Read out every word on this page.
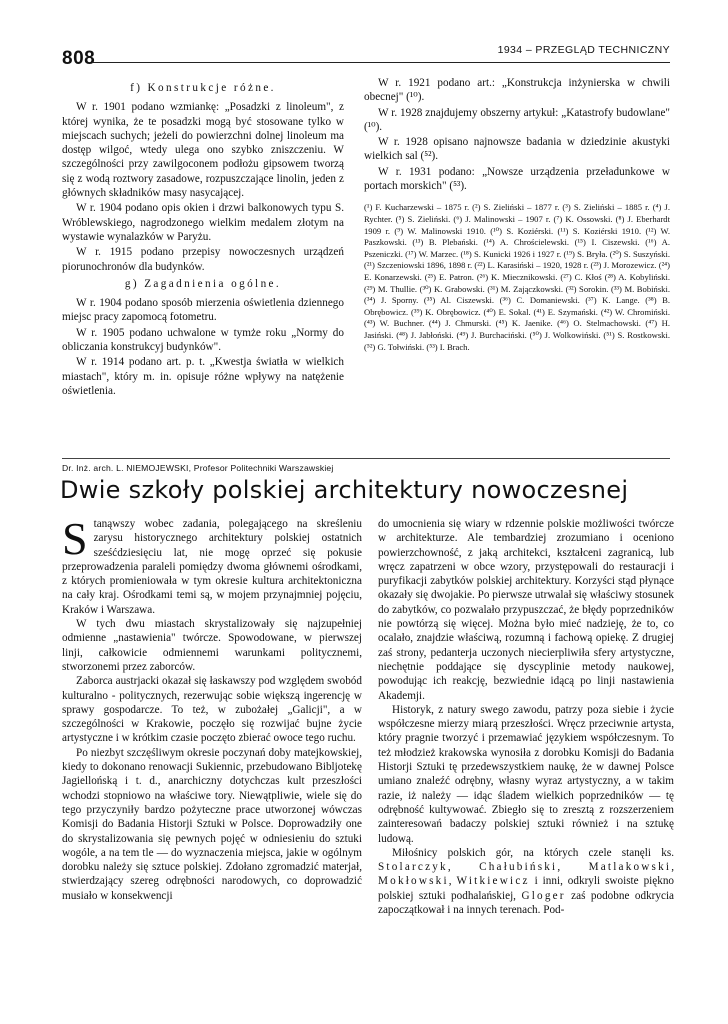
808	1934 – PRZEGLĄD TECHNICZNY

f) Konstrukcje różne.

W r. 1901 podano wzmiankę: „Posadzki z linoleum", z której wynika, że te posadzki mogą być stosowane tylko w miejscach suchych; jeżeli do powierzchni dolnej linoleum ma dostęp wilgoć, wtedy ulega ono szybko zniszczeniu. W szczególności przy zawilgoconem podłożu gipsowem tworzą się z wodą roztwory zasadowe, rozpuszczające linolin, jeden z głównych składników masy nasycającej.

W r. 1904 podano opis okien i drzwi balkonowych typu S. Wróblewskiego, nagrodzonego wielkim medalem złotym na wystawie wynalazków w Paryżu.

W r. 1915 podano przepisy nowoczesnych urządzeń piorunochronów dla budynków.

g) Zagadnienia ogólne.

W r. 1904 podano sposób mierzenia oświetlenia dziennego miejsc pracy zapomocą fotometru.

W r. 1905 podano uchwalone w tymże roku „Normy do obliczania konstrukcyj budynków".

W r. 1914 podano art. p. t. „Kwestja światła w wielkich miastach", który m. in. opisuje różne wpływy na natężenie oświetlenia.

W r. 1921 podano art.: „Konstrukcja inżynierska w chwili obecnej" (¹⁰).

W r. 1928 znajdujemy obszerny artykuł: „Katastrofy budowlane" (¹⁰).

W r. 1928 opisano najnowsze badania w dziedzinie akustyki wielkich sal (⁵²).

W r. 1931 podano: „Nowsze urządzenia przeładunkowe w portach morskich" (⁵³).

(¹) F. Kucharzewski – 1875 r. (²) S. Zieliński – 1877 r. (³) S. Zieliński – 1885 r. (⁴) J. Rychter. (⁵) S. Zieliński. (⁶) J. Malinowski – 1907 r. (⁷) K. Ossowski. (⁸) J. Eberhardt 1909 r. (⁹) W. Malinowski 1910. (¹⁰) S. Koziérski. (¹¹) S. Koziérski 1910. (¹²) W. Paszkowski. (¹³) B. Plebański. (¹⁴) A. Chrościelewski. (¹⁵) I. Ciszewski. (¹⁶) A. Pszeniczki. (¹⁷) W. Marzec. (¹⁸) S. Kunicki 1926 i 1927 r. (¹⁹) S. Bryła. (²⁰) S. Suszyński. (²¹) Szczeniowski 1896, 1898 r. (²²) L. Karasiński – 1920, 1928 r. (²³) J. Morozewicz. (²⁴) E. Konarzewski. (²⁵) E. Patron. (²⁶) K. Miecznikowski. (²⁷) C. Kłoś (²⁸) A. Kobyliński. (²⁹) M. Thullie. (³⁰) K. Grabowski. (³¹) M. Zajączkowski. (³²) Sorokin. (³³) M. Bobiński. (³⁴) J. Sporny. (³⁵) Al. Ciszewski. (³⁶) C. Domaniewski. (³⁷) K. Lange. (³⁸) B. Obrębowicz. (³⁹) K. Obrębowicz. (⁴⁰) E. Sokal. (⁴¹) E. Szymański. (⁴²) W. Chromiński. (⁴³) W. Buchner. (⁴⁴) J. Chmurski. (⁴⁵) K. Jaenike. (⁴⁶) O. Stelmachowski. (⁴⁷) H. Jasiński. (⁴⁸) J. Jabłoński. (⁴⁹) J. Burchaciński. (⁵⁰) J. Wolkowiński. (⁵¹) S. Rostkowski. (⁵²) G. Tołwiński. (⁵³) I. Brach.

Dr. Inż. arch. L. NIEMOJEWSKI, Profesor Politechniki Warszawskiej
Dwie szkoły polskiej architektury nowoczesnej

Stanąwszy wobec zadania, polegającego na skreśleniu zarysu historycznego architektury polskiej ostatnich sześćdziesięciu lat, nie mogę oprzeć się pokusie przeprowadzenia paraleli pomiędzy dwoma głównemi ośrodkami, z których promieniowała w tym okresie kultura architektoniczna na cały kraj. Ośrodkami temi są, w mojem przynajmniej pojęciu, Kraków i Warszawa.

W tych dwu miastach skrystalizowały się najzupełniej odmienne „nastawienia" twórcze. Spowodowane, w pierwszej linji, całkowicie odmiennemi warunkami politycznemi, stworzonemi przez zaborców.

Zaborca austrjacki okazał się łaskawszy pod względem swobód kulturalno - politycznych, rezerwując sobie większą ingerencję w sprawy gospodarcze. To też, w zubożałej „Galicji", a w szczególności w Krakowie, poczęło się rozwijać bujne życie artystyczne i w krótkim czasie poczęto zbierać owoce tego ruchu.

Po niezbyt szczęśliwym okresie poczynań doby matejkowskiej, kiedy to dokonano renowacji Sukiennic, przebudowano Bibljotekę Jagiellońską i t. d., anarchiczny dotychczas kult przeszłości wchodzi stopniowo na właściwe tory. Niewątpliwie, wiele się do tego przyczyniły bardzo pożyteczne prace utworzonej wówczas Komisji do Badania Historji Sztuki w Polsce. Doprowadziły one do skrystalizowania się pewnych pojęć w odniesieniu do sztuki wogóle, a na tem tle — do wyznaczenia miejsca, jakie w ogólnym dorobku należy się sztuce polskiej. Zdołano zgromadzić materjał, stwierdzający szereg odrębności narodowych, co doprowadzić musiało w konsekwencji

do umocnienia się wiary w rdzennie polskie możliwości twórcze w architekturze. Ale tembardziej zrozumiano i oceniono powierzchowność, z jaką architekci, kształceni zagranicą, lub wręcz zapatrzeni w obce wzory, przystępowali do restauracji i puryfikacji zabytków polskiej architektury. Korzyści stąd płynące okazały się dwojakie. Po pierwsze utrwalał się właściwy stosunek do zabytków, co pozwalało przypuszczać, że błędy poprzedników nie powtórzą się więcej. Można było mieć nadzieję, że to, co ocalało, znajdzie właściwą, rozumną i fachową opiekę. Z drugiej zaś strony, pedanterja uczonych niecierpliwiła sfery artystyczne, niechętnie poddające się dyscyplinie metody naukowej, powodując ich reakcję, bezwiednie idącą po linji nastawienia Akademji.

Historyk, z natury swego zawodu, patrzy poza siebie i życie współczesne mierzy miarą przeszłości. Wręcz przeciwnie artysta, który pragnie tworzyć i przemawiać językiem współczesnym. To też młodzież krakowska wynosiła z dorobku Komisji do Badania Historji Sztuki tę przedewszystkiem naukę, że w dawnej Polsce umiano znaleźć odrębny, własny wyraz artystyczny, a w takim razie, iż należy — idąc śladem wielkich poprzedników — tę odrębność kultywować. Zbiegło się to zresztą z rozszerzeniem zainteresowań badaczy polskiej sztuki również i na sztukę ludową.

Miłośnicy polskich gór, na których czele stanęli ks. Stolarczyk,	Chałubiński,	Matlakowski, Mokłowski, Witkiewicz i inni, odkryli swoiste piękno polskiej sztuki podhalańskiej, Gloger zaś podobne odkrycia zapoczątkował i na innych terenach. Pod-
